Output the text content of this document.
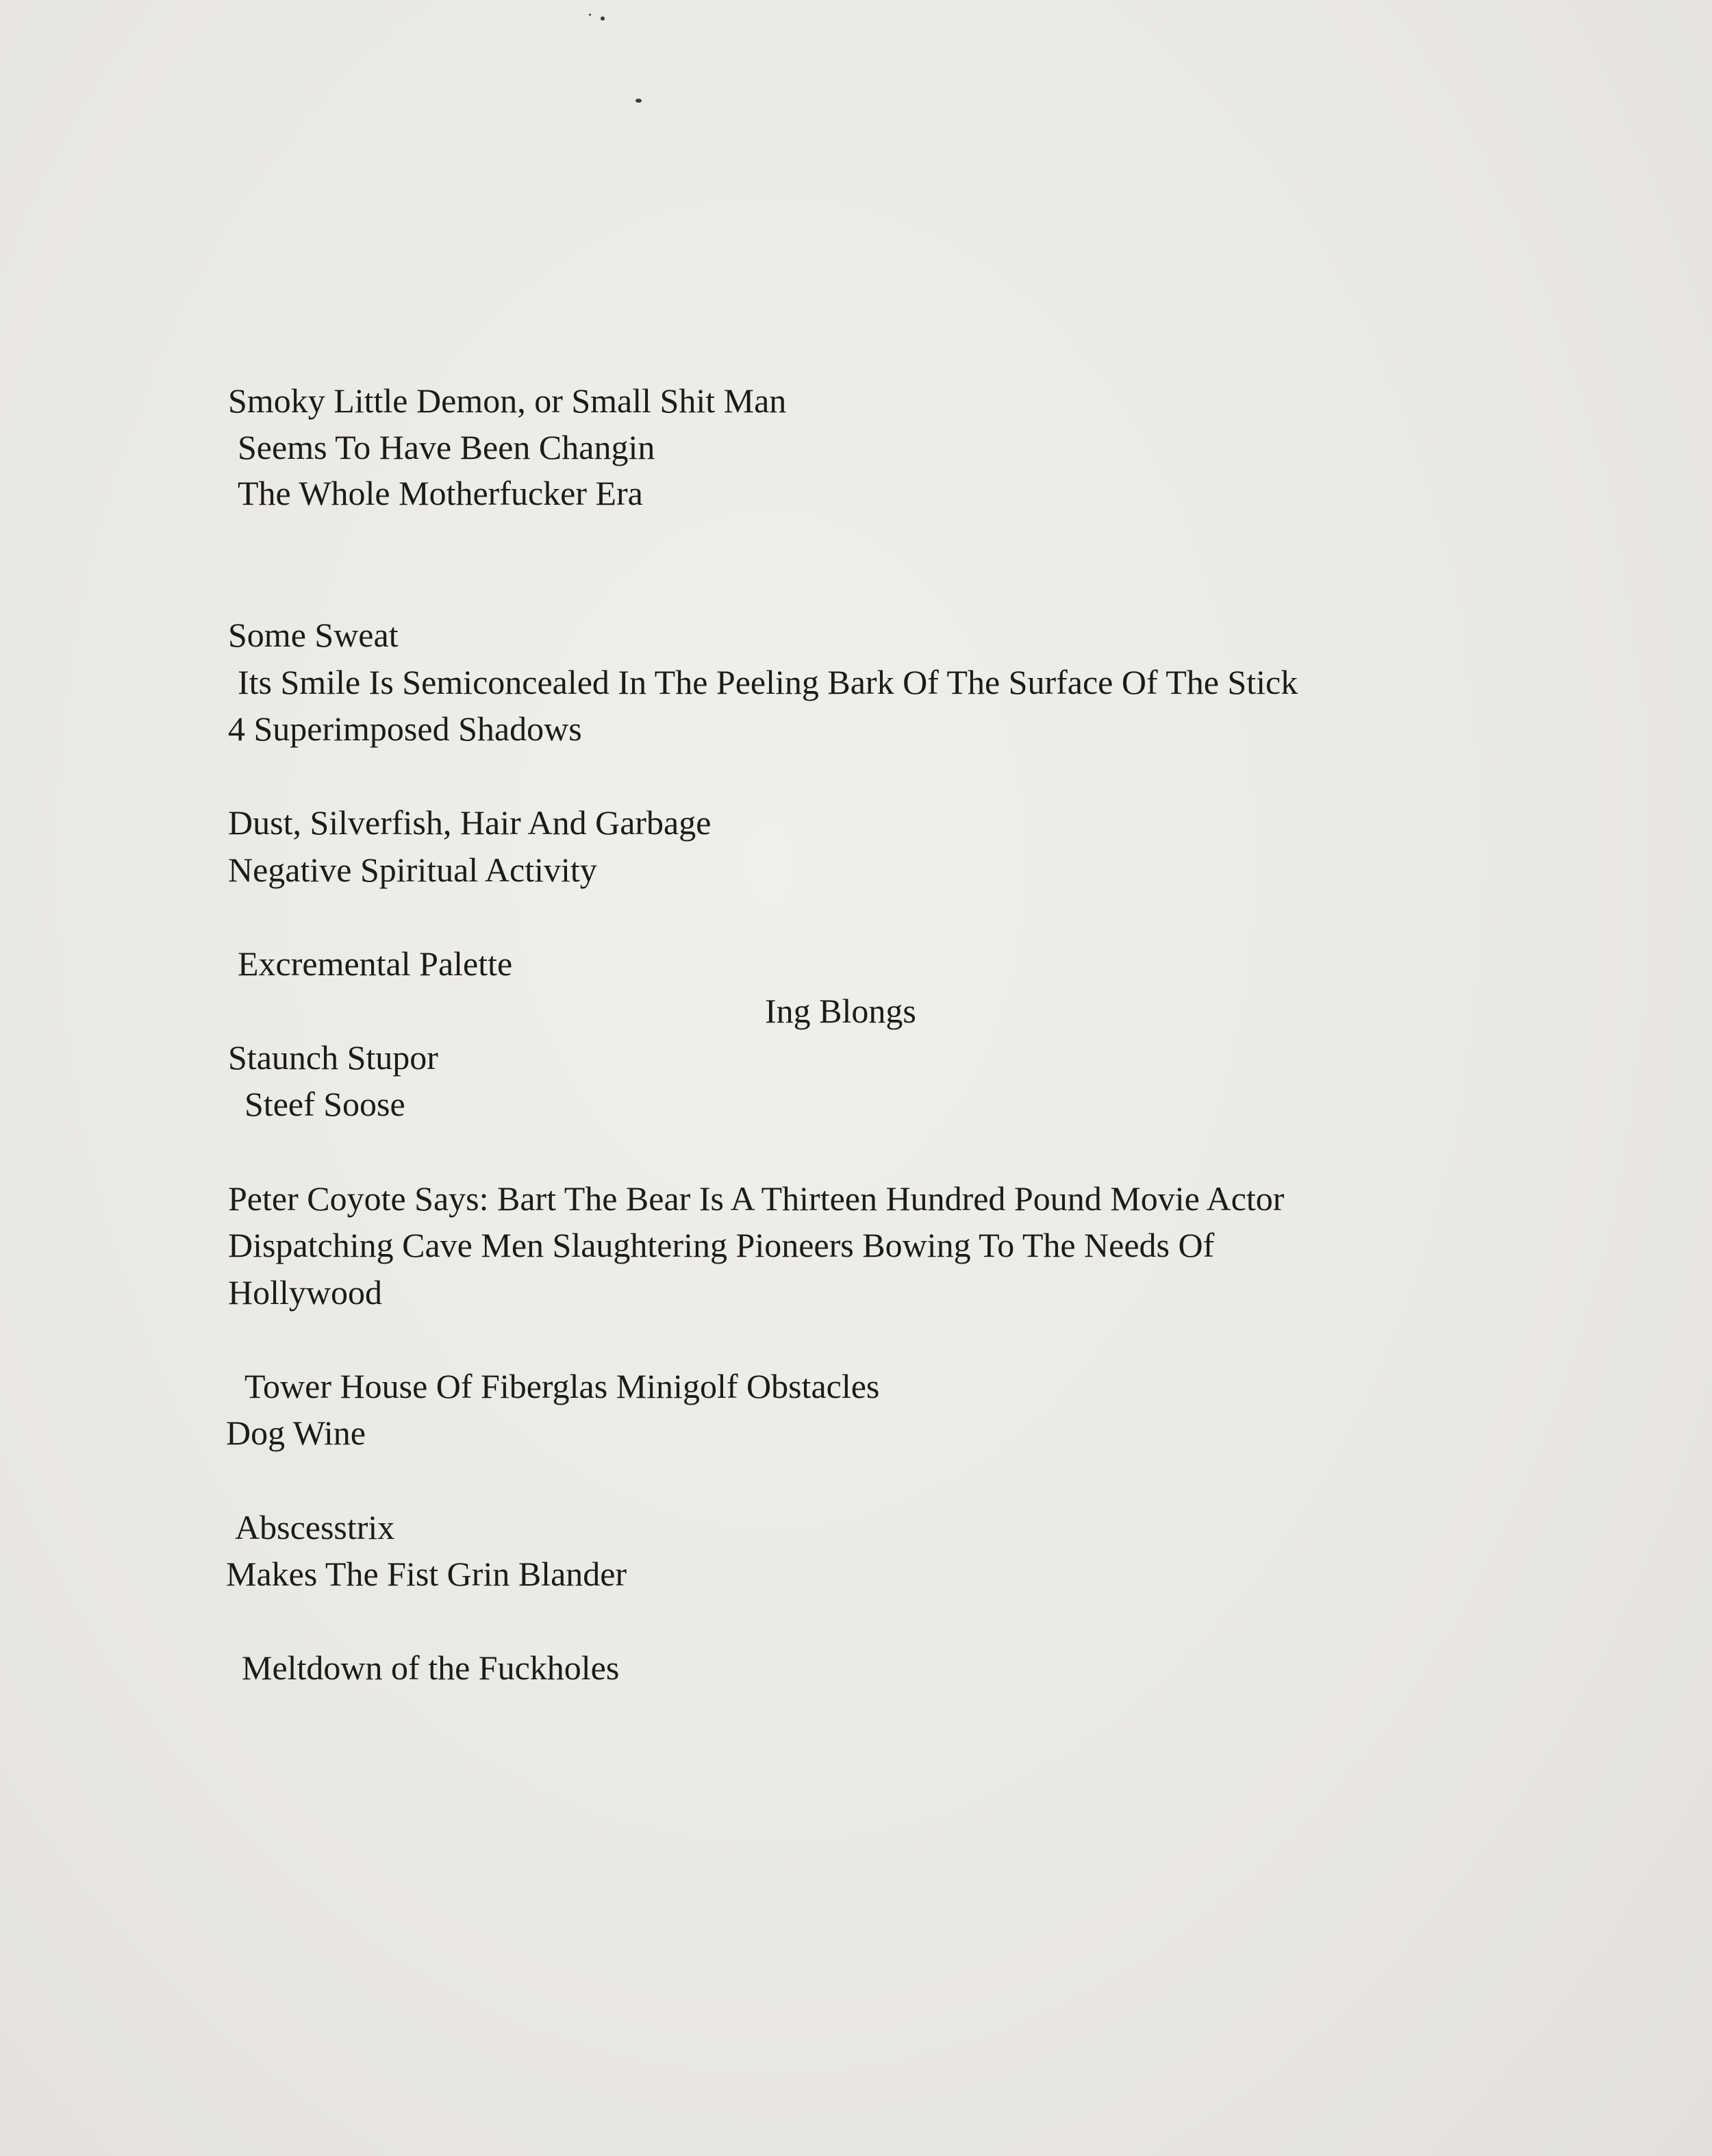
Smoky Little Demon, or Small Shit Man
Seems To Have Been Changin
The Whole Motherfucker Era
Some Sweat
Its Smile Is Semiconcealed In The Peeling Bark Of The Surface Of The Stick
4 Superimposed Shadows
Dust, Silverfish, Hair And Garbage
Negative Spiritual Activity
Excremental Palette
Ing Blongs
Staunch Stupor
Steef Soose
Peter Coyote Says: Bart The Bear Is A Thirteen Hundred Pound Movie Actor
Dispatching Cave Men Slaughtering Pioneers Bowing To The Needs Of
Hollywood
Tower House Of Fiberglas Minigolf Obstacles
Dog Wine
Abscesstrix
Makes The Fist Grin Blander
Meltdown of the Fuckholes
